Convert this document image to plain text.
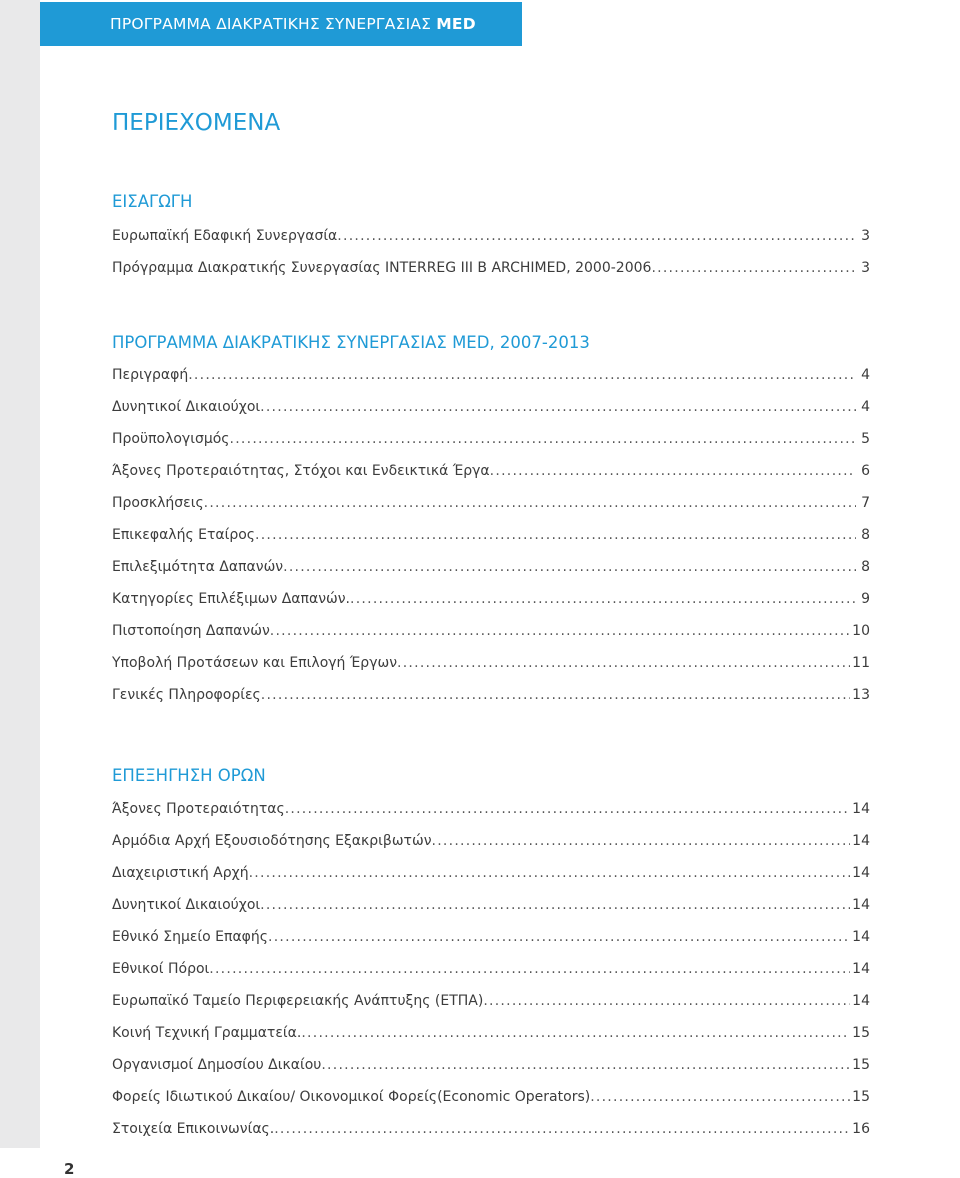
ΠΡΟΓΡΑΜΜΑ ΔΙΑΚΡΑΤΙΚΗΣ ΣΥΝΕΡΓΑΣΙΑΣ MED
ΠΕΡΙΕΧΟΜΕΝΑ
ΕΙΣΑΓΩΓΗ
Ευρωπαϊκή Εδαφική Συνεργασία . . .	3
Πρόγραμμα Διακρατικής Συνεργασίας INTERREG III B ARCHIMED, 2000-2006 . . .	3
ΠΡΟΓΡΑΜΜΑ ΔΙΑΚΡΑΤΙΚΗΣ ΣΥΝΕΡΓΑΣΙΑΣ MED, 2007-2013
Περιγραφή . . .	4
Δυνητικοί Δικαιούχοι . . .	4
Προϋπολογισμός . . .	5
Άξονες Προτεραιότητας, Στόχοι και Ενδεικτικά Έργα . . .	6
Προσκλήσεις . . .	7
Επικεφαλής Εταίρος . . .	8
Επιλεξιμότητα Δαπανών . . .	8
Κατηγορίες Επιλέξιμων Δαπανών. . . .	9
Πιστοποίηση Δαπανών . . .	10
Υποβολή Προτάσεων και Επιλογή Έργων . . .	11
Γενικές Πληροφορίες . . .	13
ΕΠΕΞΗΓΗΣΗ ΟΡΩΝ
Άξονες Προτεραιότητας . . .	14
Αρμόδια Αρχή Εξουσιοδότησης Εξακριβωτών . . .	14
Διαχειριστική Αρχή . . .	14
Δυνητικοί Δικαιούχοι . . .	14
Εθνικό Σημείο Επαφής . . .	14
Εθνικοί Πόροι . . .	14
Ευρωπαϊκό Ταμείο Περιφερειακής Ανάπτυξης (ΕΤΠΑ) . . .	14
Κοινή Τεχνική Γραμματεία. . . .	15
Οργανισμοί Δημοσίου Δικαίου . . .	15
Φορείς Ιδιωτικού Δικαίου/ Οικονομικοί Φορείς(Economic Operators) . . .	15
Στοιχεία Επικοινωνίας. . . .	16
2
